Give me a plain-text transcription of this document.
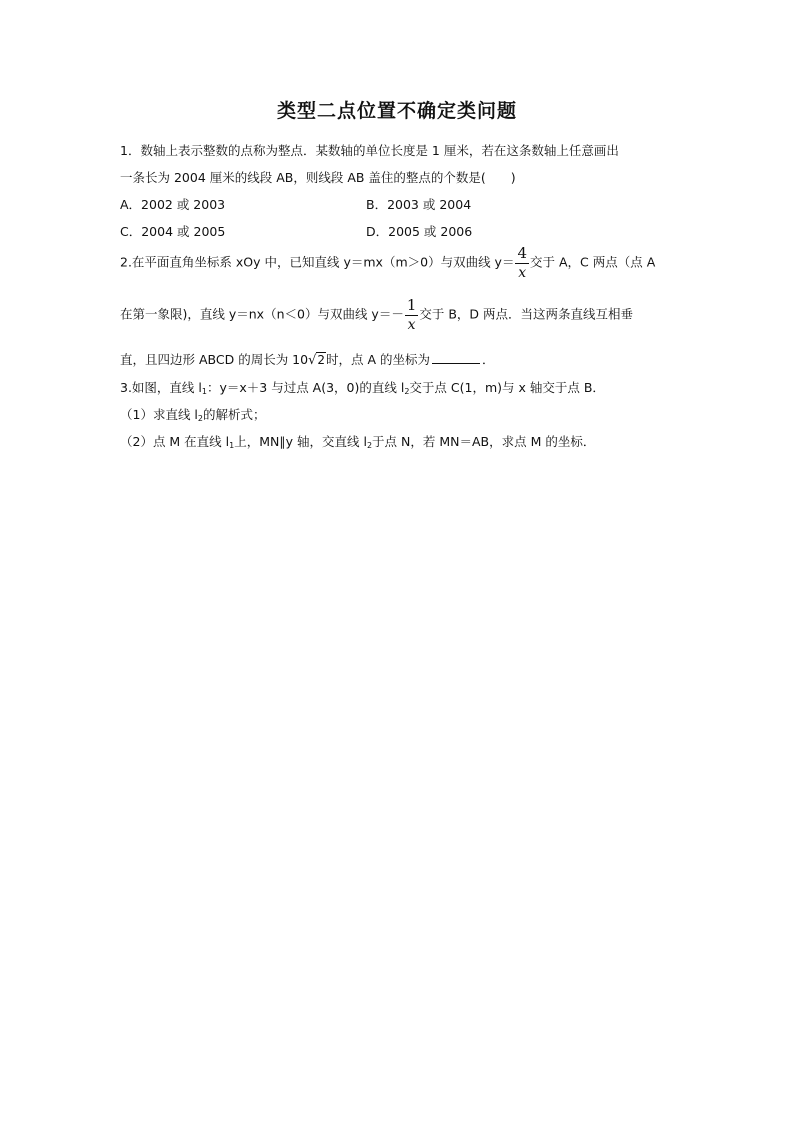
类型二点位置不确定类问题
1．数轴上表示整数的点称为整点．某数轴的单位长度是 1 厘米，若在这条数轴上任意画出
一条长为 2004 厘米的线段 AB，则线段 AB 盖住的整点的个数是(　　)
A．2002 或 2003	B．2003 或 2004
C．2004 或 2005	D．2005 或 2006
2.在平面直角坐标系 xOy 中，已知直线 y＝mx（m＞0）与双曲线 $y= \frac{4}{x}$ 交于 A，C 两点（点 A
在第一象限)，直线 y＝nx（n＜0）与双曲线 $y=- \frac{1}{x}$ 交于 B，D 两点．当这两条直线互相垂
直，且四边形 ABCD 的周长为 10√2时，点 A 的坐标为	．
3.如图，直线 $l_1$：y＝x＋3 与过点 A(3，0)的直线 $l_2$交于点 C(1，m)与 x 轴交于点 B．
（1）求直线 $l_2$的解析式；
（2）点 M 在直线 $l_1$上，MN∥y 轴，交直线 $l_2$于点 N，若 MN＝AB，求点 M 的坐标．
